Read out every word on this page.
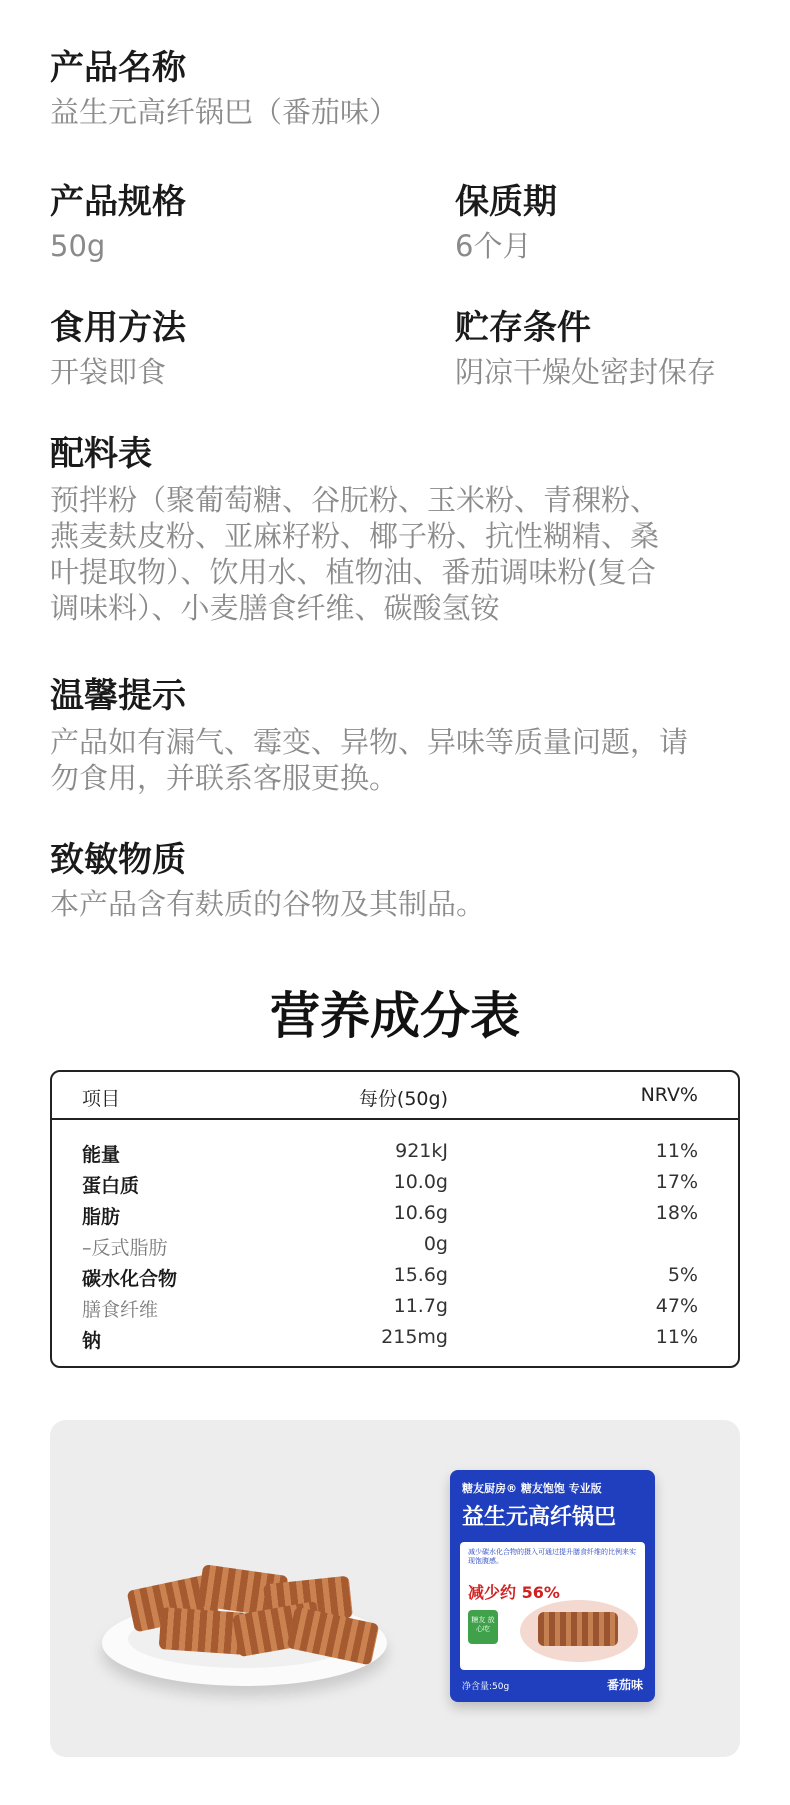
产品名称
益生元高纤锅巴（番茄味）
产品规格
50g
保质期
6个月
食用方法
开袋即食
贮存条件
阴凉干燥处密封保存
配料表
预拌粉（聚葡萄糖、谷朊粉、玉米粉、青稞粉、
燕麦麸皮粉、亚麻籽粉、椰子粉、抗性糊精、桑
叶提取物）、饮用水、植物油、番茄调味粉(复合
调味料）、小麦膳食纤维、碳酸氢铵
温馨提示
产品如有漏气、霉变、异物、异味等质量问题，请
勿食用，并联系客服更换。
致敏物质
本产品含有麸质的谷物及其制品。
营养成分表
项目	每份(50g)	NRV%
能量	921kJ	11%
蛋白质	10.0g	17%
脂肪	10.6g	18%
–反式脂肪	0g
碳水化合物	15.6g	5%
膳食纤维	11.7g	47%
钠	215mg	11%
糖友厨房® 糖友饱饱 专业版
益生元高纤锅巴
减少碳水化合物的摄入可通过提升膳食纤维的比例来实现饱腹感。
减少约 56%
糖友 放心吃
净含量:50g	番茄味
